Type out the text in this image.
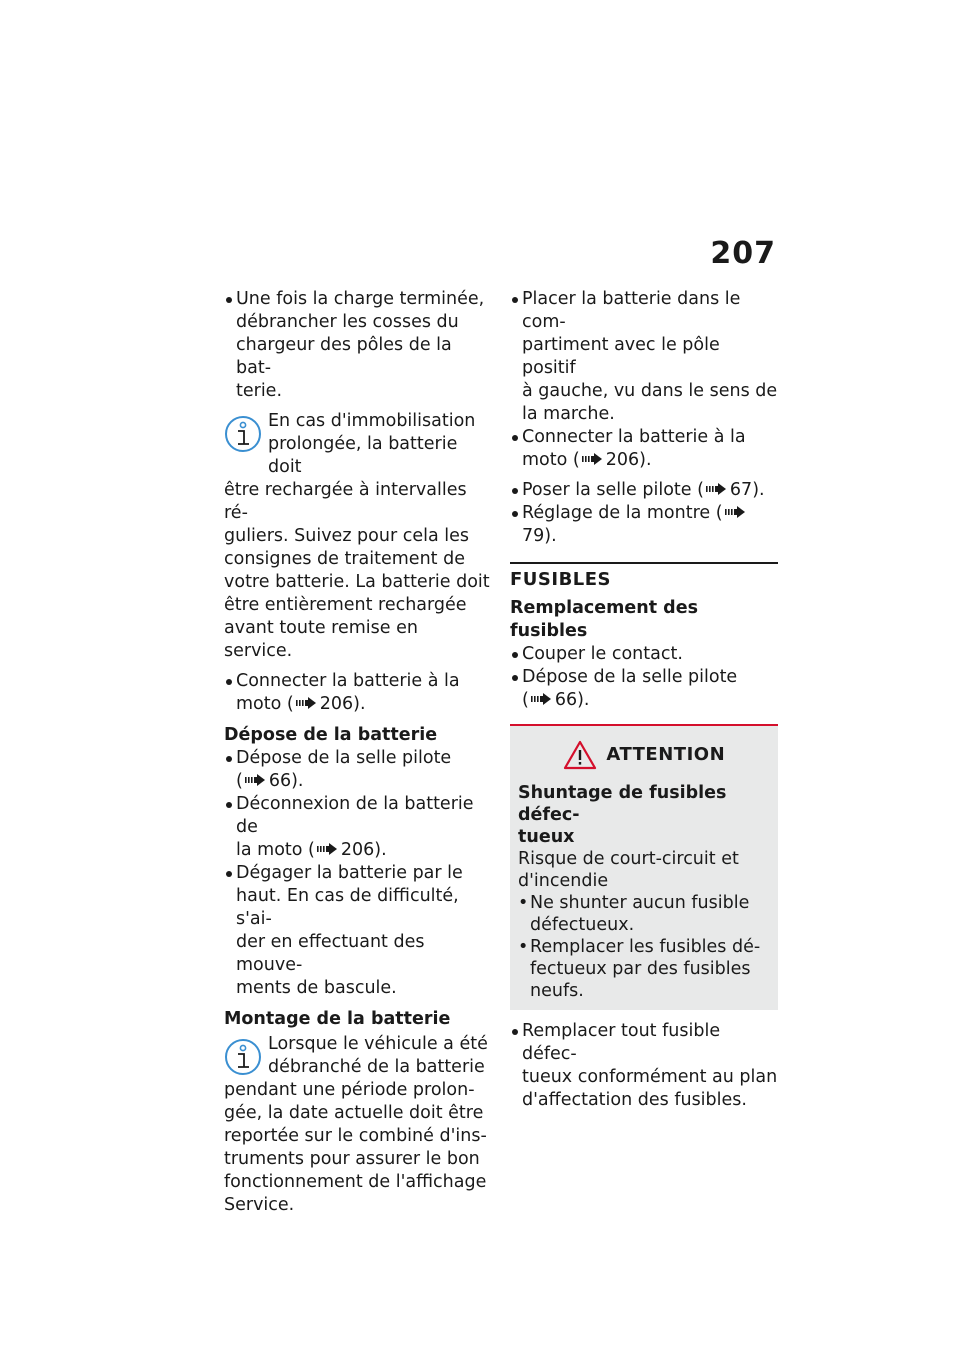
207
Une fois la charge terminée,
débrancher les cosses du
chargeur des pôles de la bat-
terie.
En cas d'immobilisation
prolongée, la batterie doit
être rechargée à intervalles ré-
guliers. Suivez pour cela les
consignes de traitement de
votre batterie. La batterie doit
être entièrement rechargée
avant toute remise en service.
Connecter la batterie à la
moto ( 206).
Dépose de la batterie
Dépose de la selle pilote
( 66).
Déconnexion de la batterie de
la moto ( 206).
Dégager la batterie par le
haut. En cas de difficulté, s'ai-
der en effectuant des mouve-
ments de bascule.
Montage de la batterie
Lorsque le véhicule a été
débranché de la batterie
pendant une période prolon-
gée, la date actuelle doit être
reportée sur le combiné d'ins-
truments pour assurer le bon
fonctionnement de l'affichage
Service.
Placer la batterie dans le com-
partiment avec le pôle positif
à gauche, vu dans le sens de
la marche.
Connecter la batterie à la
moto ( 206).
Poser la selle pilote ( 67).
Réglage de la montre (79).
FUSIBLES
Remplacement des fusibles
Couper le contact.
Dépose de la selle pilote
( 66).
ATTENTION
Shuntage de fusibles défec-
tueux
Risque de court-circuit et
d'incendie
• Ne shunter aucun fusible
défectueux.
• Remplacer les fusibles dé-
fectueux par des fusibles
neufs.
Remplacer tout fusible défec-
tueux conformément au plan
d'affectation des fusibles.
